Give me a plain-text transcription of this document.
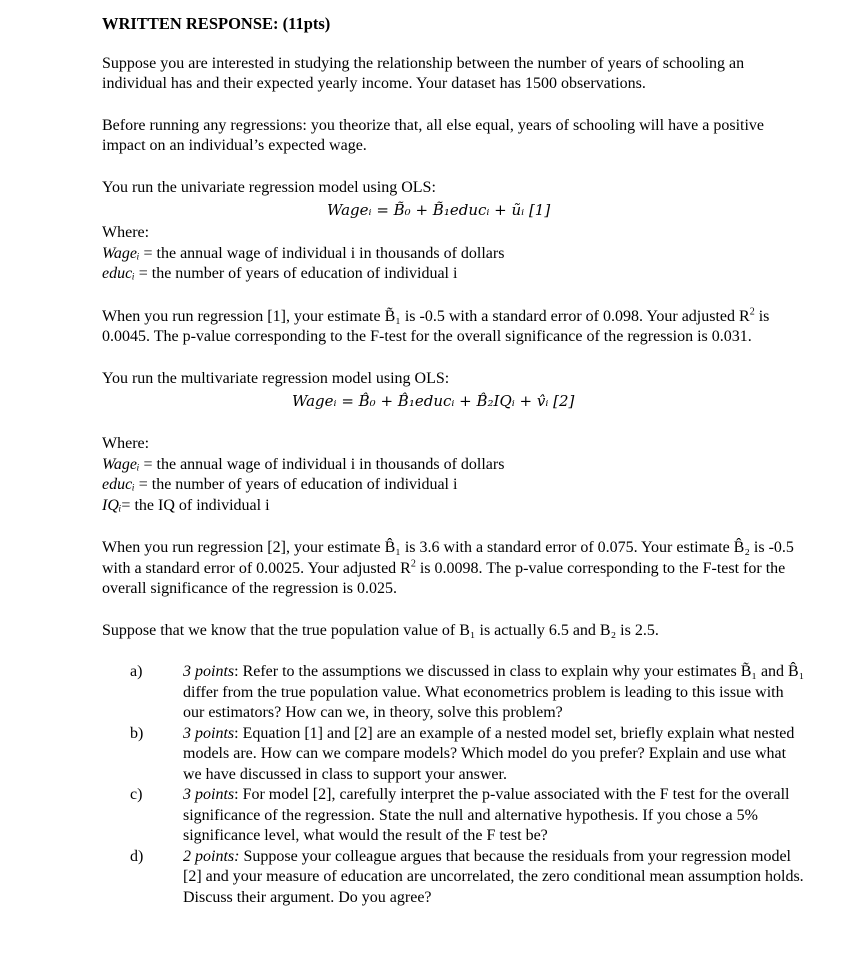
WRITTEN RESPONSE: (11pts)

Suppose you are interested in studying the relationship between the number of years of schooling an individual has and their expected yearly income. Your dataset has 1500 observations.

Before running any regressions: you theorize that, all else equal, years of schooling will have a positive impact on an individual’s expected wage.

You run the univariate regression model using OLS:

Wageᵢ = B̃₀ + B̃₁educᵢ + ũᵢ [1]

Where:

Wageᵢ = the annual wage of individual i in thousands of dollars

educᵢ = the number of years of education of individual i

When you run regression [1], your estimate B̃₁ is -0.5 with a standard error of 0.098. Your adjusted $R^2$ is 0.0045. The p-value corresponding to the F-test for the overall significance of the regression is 0.031.

You run the multivariate regression model using OLS:

Wageᵢ = B̂₀ + B̂₁educᵢ + B̂₂IQᵢ + v̂ᵢ [2]

Where:

Wageᵢ = the annual wage of individual i in thousands of dollars

educᵢ = the number of years of education of individual i

IQᵢ= the IQ of individual i

When you run regression [2], your estimate B̂₁ is 3.6 with a standard error of 0.075. Your estimate B̂₂ is -0.5 with a standard error of 0.0025. Your adjusted $R^2$ is 0.0098. The p-value corresponding to the F-test for the overall significance of the regression is 0.025.

Suppose that we know that the true population value of B₁ is actually 6.5 and B₂ is 2.5.

a)	3 points: Refer to the assumptions we discussed in class to explain why your estimates B̃₁ and B̂₁ differ from the true population value. What econometrics problem is leading to this issue with our estimators? How can we, in theory, solve this problem?
b) 3 points: Equation [1] and [2] are an example of a nested model set, briefly explain what nested models are. How can we compare models? Which model do you prefer? Explain and use what we have discussed in class to support your answer.
c)	3 points: For model [2], carefully interpret the p-value associated with the F test for the overall significance of the regression. State the null and alternative hypothesis. If you chose a 5% significance level, what would the result of the F test be?
d) 2 points: Suppose your colleague argues that because the residuals from your regression model [2] and your measure of education are uncorrelated, the zero conditional mean assumption holds. Discuss their argument. Do you agree?
